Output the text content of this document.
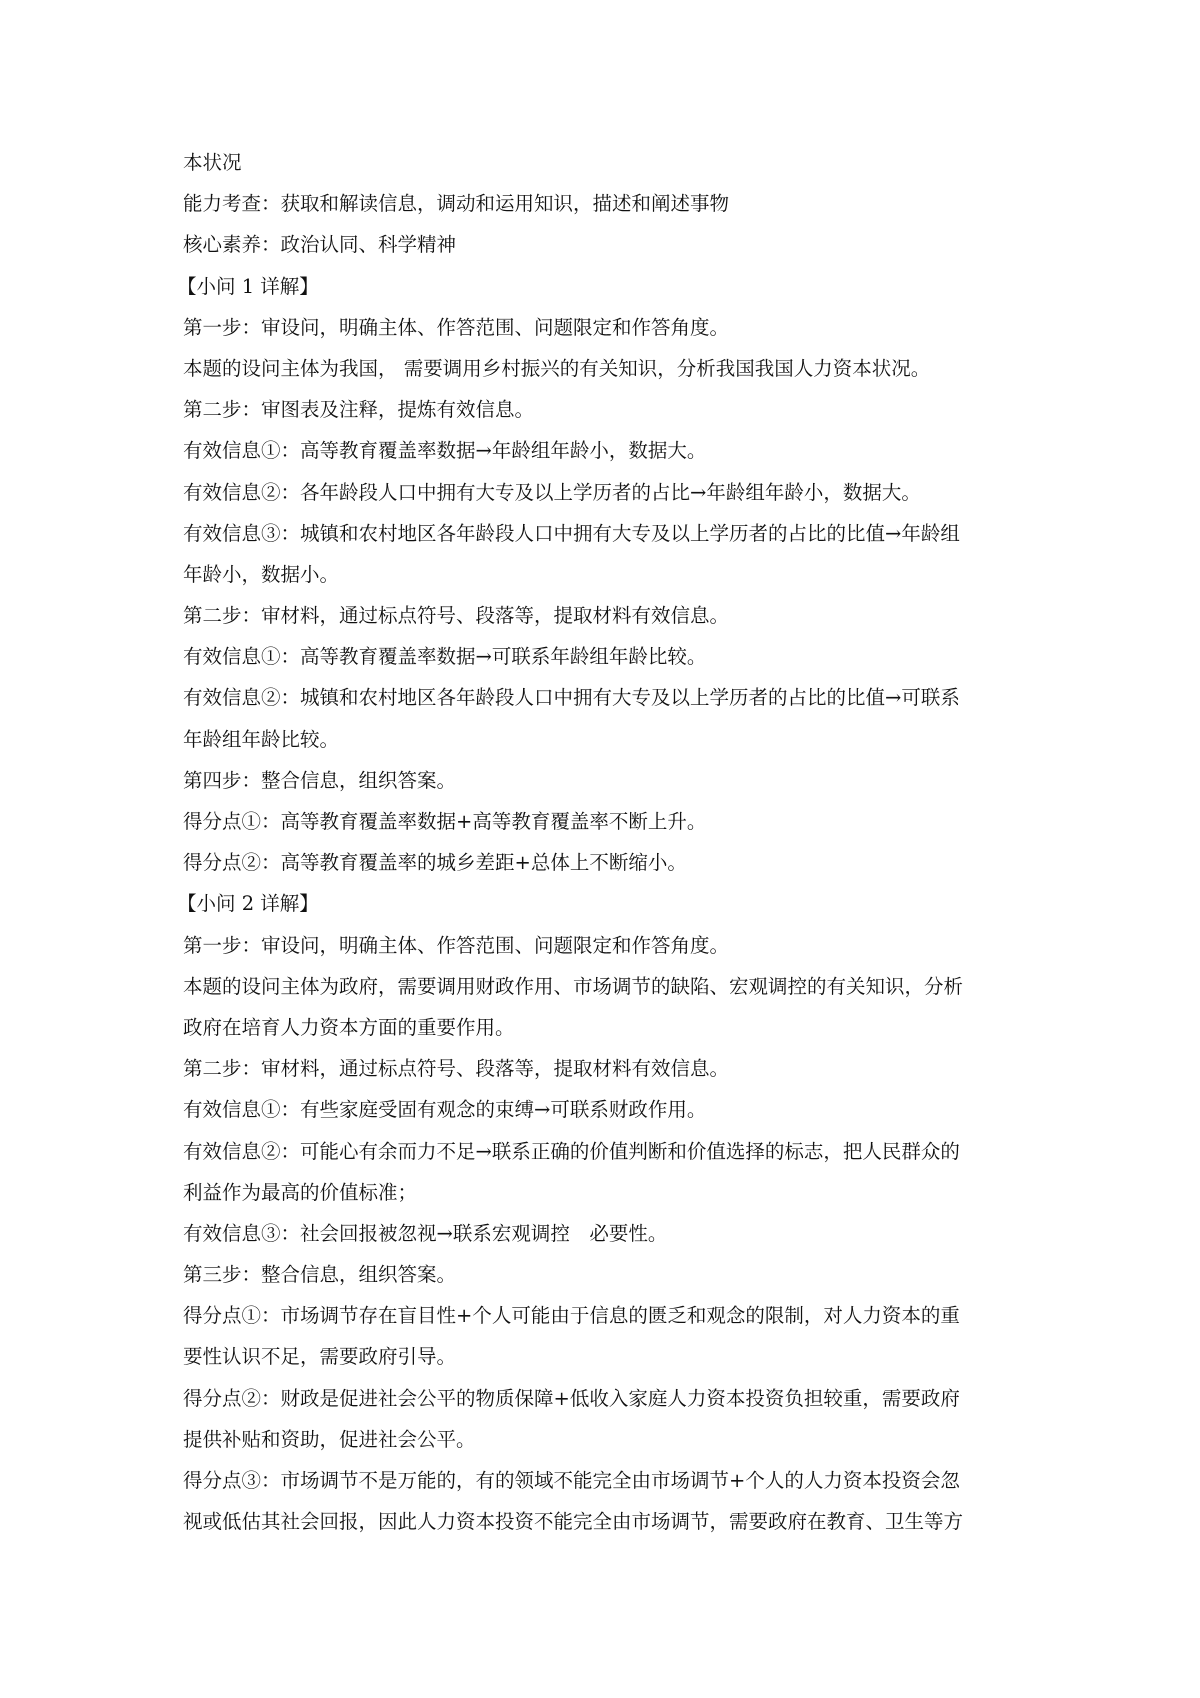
本状况

能力考查：获取和解读信息，调动和运用知识，描述和阐述事物

核心素养：政治认同、科学精神

【小问 1 详解】

第一步：审设问，明确主体、作答范围、问题限定和作答角度。

本题的设问主体为我国， 需要调用乡村振兴的有关知识，分析我国我国人力资本状况。

第二步：审图表及注释，提炼有效信息。

有效信息①：高等教育覆盖率数据→年龄组年龄小，数据大。

有效信息②：各年龄段人口中拥有大专及以上学历者的占比→年龄组年龄小，数据大。

有效信息③：城镇和农村地区各年龄段人口中拥有大专及以上学历者的占比的比值→年龄组

年龄小，数据小。

第二步：审材料，通过标点符号、段落等，提取材料有效信息。

有效信息①：高等教育覆盖率数据→可联系年龄组年龄比较。

有效信息②：城镇和农村地区各年龄段人口中拥有大专及以上学历者的占比的比值→可联系

年龄组年龄比较。

第四步：整合信息，组织答案。

得分点①：高等教育覆盖率数据+高等教育覆盖率不断上升。

得分点②：高等教育覆盖率的城乡差距+总体上不断缩小。

【小问 2 详解】

第一步：审设问，明确主体、作答范围、问题限定和作答角度。

本题的设问主体为政府，需要调用财政作用、市场调节的缺陷、宏观调控的有关知识，分析

政府在培育人力资本方面的重要作用。

第二步：审材料，通过标点符号、段落等，提取材料有效信息。

有效信息①：有些家庭受固有观念的束缚→可联系财政作用。

有效信息②：可能心有余而力不足→联系正确的价值判断和价值选择的标志，把人民群众的

利益作为最高的价值标准；

有效信息③：社会回报被忽视→联系宏观调控　必要性。

第三步：整合信息，组织答案。

得分点①：市场调节存在盲目性+个人可能由于信息的匮乏和观念的限制，对人力资本的重

要性认识不足，需要政府引导。

得分点②：财政是促进社会公平的物质保障+低收入家庭人力资本投资负担较重，需要政府

提供补贴和资助，促进社会公平。

得分点③：市场调节不是万能的，有的领域不能完全由市场调节+个人的人力资本投资会忽

视或低估其社会回报，因此人力资本投资不能完全由市场调节，需要政府在教育、卫生等方
